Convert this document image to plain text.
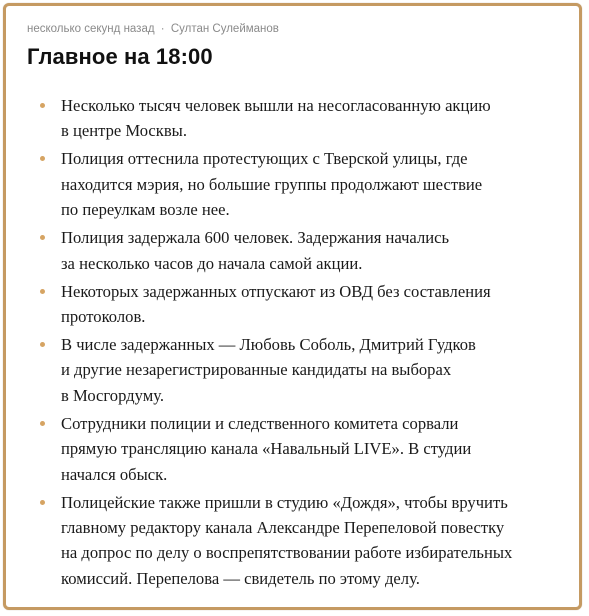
несколько секунд назад · Султан Сулейманов
Главное на 18:00
Несколько тысяч человек вышли на несогласованную акцию
в центре Москвы.
Полиция оттеснила протестующих с Тверской улицы, где
находится мэрия, но большие группы продолжают шествие
по переулкам возле нее.
Полиция задержала 600 человек. Задержания начались
за несколько часов до начала самой акции.
Некоторых задержанных отпускают из ОВД без составления
протоколов.
В числе задержанных — Любовь Соболь, Дмитрий Гудков
и другие незарегистрированные кандидаты на выборах
в Мосгордуму.
Сотрудники полиции и следственного комитета сорвали
прямую трансляцию канала «Навальный LIVE». В студии
начался обыск.
Полицейские также пришли в студию «Дождя», чтобы вручить
главному редактору канала Александре Перепеловой повестку
на допрос по делу о воспрепятствовании работе избирательных
комиссий. Перепелова — свидетель по этому делу.
